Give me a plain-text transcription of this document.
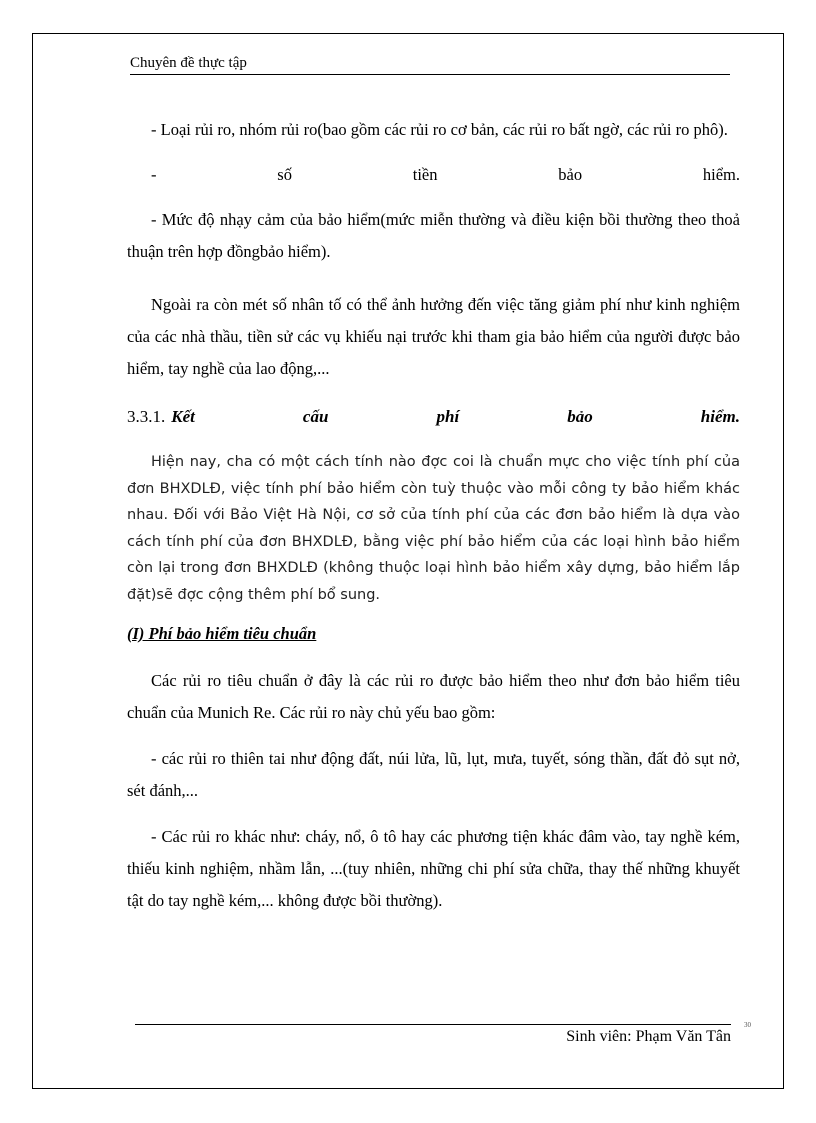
Chuyên đề thực tập

- Loại rủi ro, nhóm rủi ro(bao gồm các rủi ro cơ bản, các rủi ro bất ngờ, các rủi ro phô).

-	số	tiền	bảo	hiểm.

- Mức độ nhạy cảm của bảo hiểm(mức miễn thường và điều kiện bồi thường theo thoả thuận trên hợp đồngbảo hiểm).

Ngoài ra còn mét số nhân tố có thể ảnh hưởng đến việc tăng giảm phí như kinh nghiệm của các nhà thầu, tiền sử các vụ khiếu nại trước khi tham gia bảo hiểm của người được bảo hiểm, tay nghề của lao động,...

3.3.1. Kết	cấu	phí	bảo	hiểm.

Hiện nay, cha có một cách tính nào đợc coi là chuẩn mực cho việc tính phí của đơn BHXDLĐ, việc tính phí bảo hiểm còn tuỳ thuộc vào mỗi công ty bảo hiểm khác nhau. Đối với Bảo Việt Hà Nội, cơ sở của tính phí của các đơn bảo hiểm là dựa vào cách tính phí của đơn BHXDLĐ, bằng việc phí bảo hiểm của các loại hình bảo hiểm còn lại trong đơn BHXDLĐ (không thuộc loại hình bảo hiểm xây dựng, bảo hiểm lắp đặt)sẽ đợc cộng thêm phí bổ sung.

(I) Phí bảo hiểm tiêu chuẩn

Các rủi ro tiêu chuẩn ở đây là các rủi ro được bảo hiểm theo như đơn bảo hiểm tiêu chuẩn của Munich Re. Các rủi ro này chủ yếu bao gồm:

- các rủi ro thiên tai như động đất, núi lửa, lũ, lụt, mưa, tuyết, sóng thần, đất đỏ sụt nở, sét đánh,...

- Các rủi ro khác như: cháy, nổ, ô tô hay các phương tiện khác đâm vào, tay nghề kém, thiếu kinh nghiệm, nhầm lẫn, ...(tuy nhiên, những chi phí sửa chữa, thay thế những khuyết tật do tay nghề kém,... không được bồi thường).

Sinh viên: Phạm Văn Tân
30
